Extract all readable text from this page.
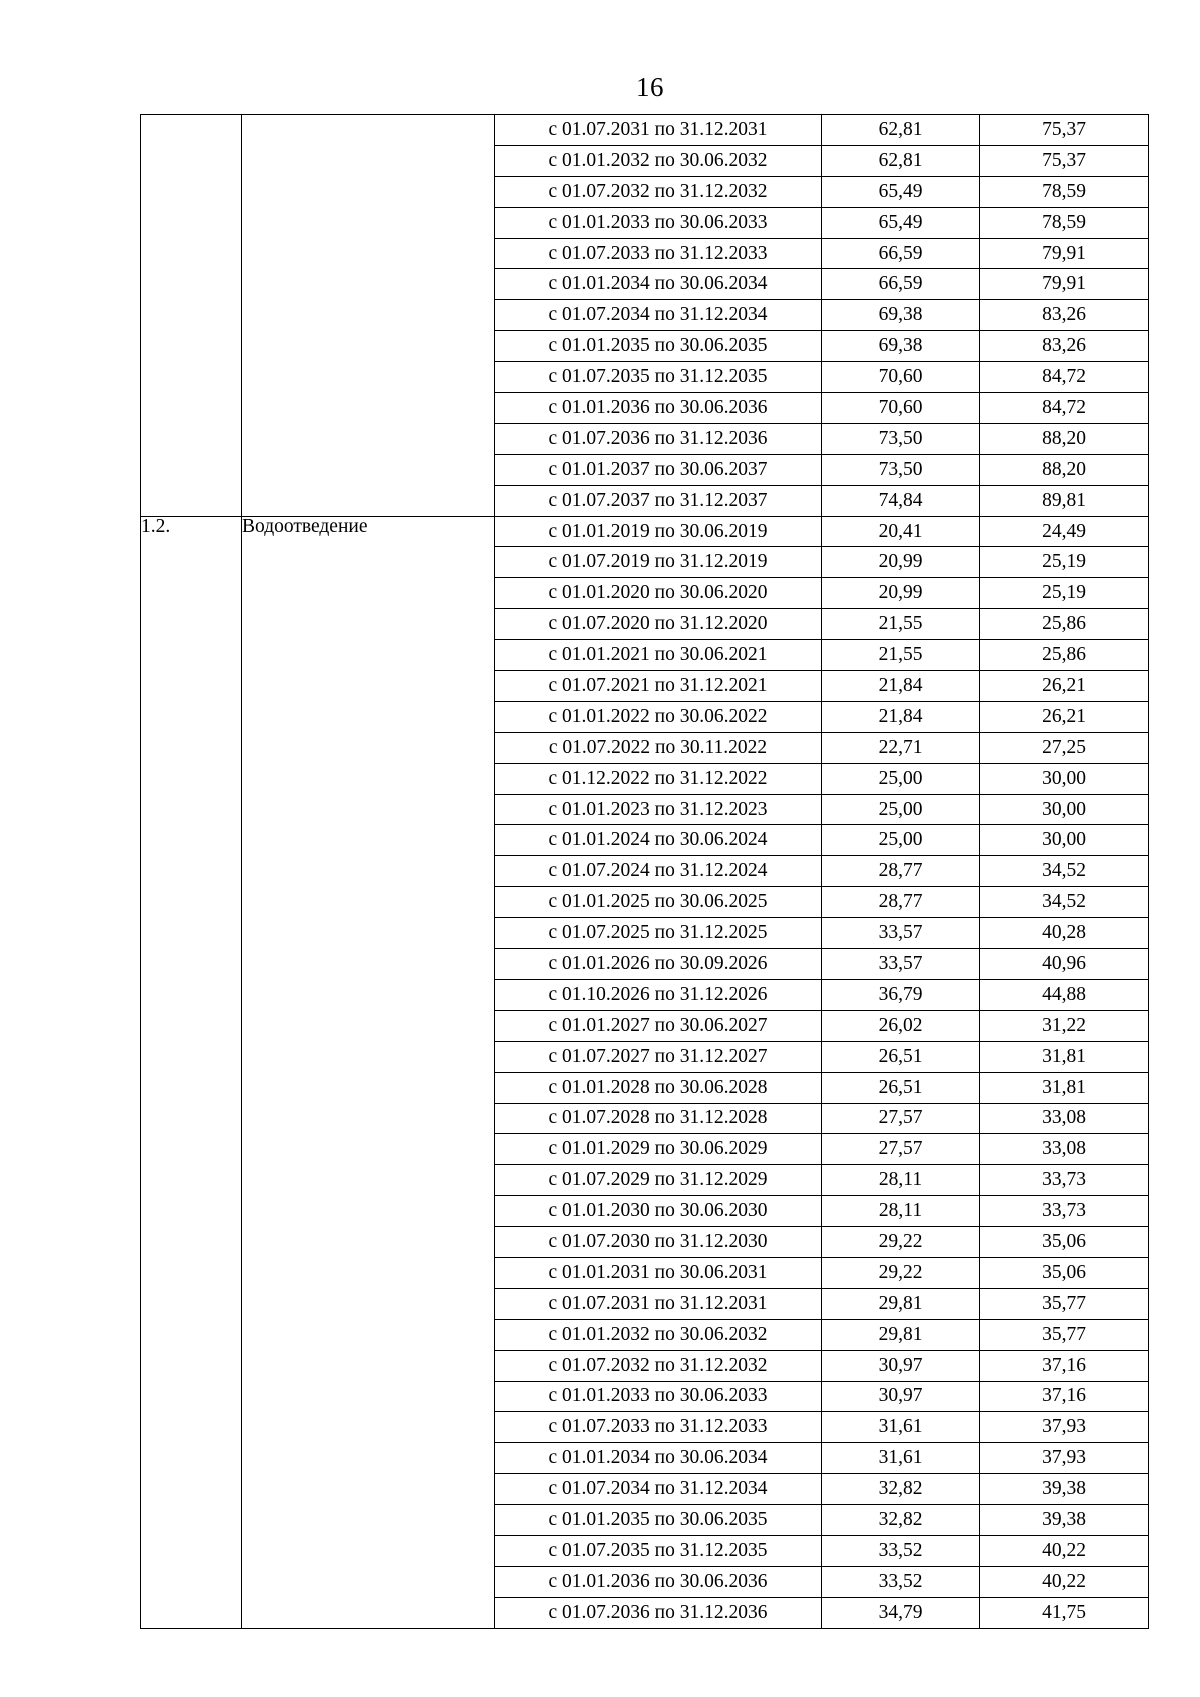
16
		с 01.07.2031 по 31.12.2031	62,81	75,37
		с 01.01.2032 по 30.06.2032	62,81	75,37
		с 01.07.2032 по 31.12.2032	65,49	78,59
		с 01.01.2033 по 30.06.2033	65,49	78,59
		с 01.07.2033 по 31.12.2033	66,59	79,91
		с 01.01.2034 по 30.06.2034	66,59	79,91
		с 01.07.2034 по 31.12.2034	69,38	83,26
		с 01.01.2035 по 30.06.2035	69,38	83,26
		с 01.07.2035 по 31.12.2035	70,60	84,72
		с 01.01.2036 по 30.06.2036	70,60	84,72
		с 01.07.2036 по 31.12.2036	73,50	88,20
		с 01.01.2037 по 30.06.2037	73,50	88,20
		с 01.07.2037 по 31.12.2037	74,84	89,81
1.2.	Водоотведение	с 01.01.2019 по 30.06.2019	20,41	24,49
		с 01.07.2019 по 31.12.2019	20,99	25,19
		с 01.01.2020 по 30.06.2020	20,99	25,19
		с 01.07.2020 по 31.12.2020	21,55	25,86
		с 01.01.2021 по 30.06.2021	21,55	25,86
		с 01.07.2021 по 31.12.2021	21,84	26,21
		с 01.01.2022 по 30.06.2022	21,84	26,21
		с 01.07.2022 по 30.11.2022	22,71	27,25
		с 01.12.2022 по 31.12.2022	25,00	30,00
		с 01.01.2023 по 31.12.2023	25,00	30,00
		с 01.01.2024 по 30.06.2024	25,00	30,00
		с 01.07.2024 по 31.12.2024	28,77	34,52
		с 01.01.2025 по 30.06.2025	28,77	34,52
		с 01.07.2025 по 31.12.2025	33,57	40,28
		с 01.01.2026 по 30.09.2026	33,57	40,96
		с 01.10.2026 по 31.12.2026	36,79	44,88
		с 01.01.2027 по 30.06.2027	26,02	31,22
		с 01.07.2027 по 31.12.2027	26,51	31,81
		с 01.01.2028 по 30.06.2028	26,51	31,81
		с 01.07.2028 по 31.12.2028	27,57	33,08
		с 01.01.2029 по 30.06.2029	27,57	33,08
		с 01.07.2029 по 31.12.2029	28,11	33,73
		с 01.01.2030 по 30.06.2030	28,11	33,73
		с 01.07.2030 по 31.12.2030	29,22	35,06
		с 01.01.2031 по 30.06.2031	29,22	35,06
		с 01.07.2031 по 31.12.2031	29,81	35,77
		с 01.01.2032 по 30.06.2032	29,81	35,77
		с 01.07.2032 по 31.12.2032	30,97	37,16
		с 01.01.2033 по 30.06.2033	30,97	37,16
		с 01.07.2033 по 31.12.2033	31,61	37,93
		с 01.01.2034 по 30.06.2034	31,61	37,93
		с 01.07.2034 по 31.12.2034	32,82	39,38
		с 01.01.2035 по 30.06.2035	32,82	39,38
		с 01.07.2035 по 31.12.2035	33,52	40,22
		с 01.01.2036 по 30.06.2036	33,52	40,22
		с 01.07.2036 по 31.12.2036	34,79	41,75
